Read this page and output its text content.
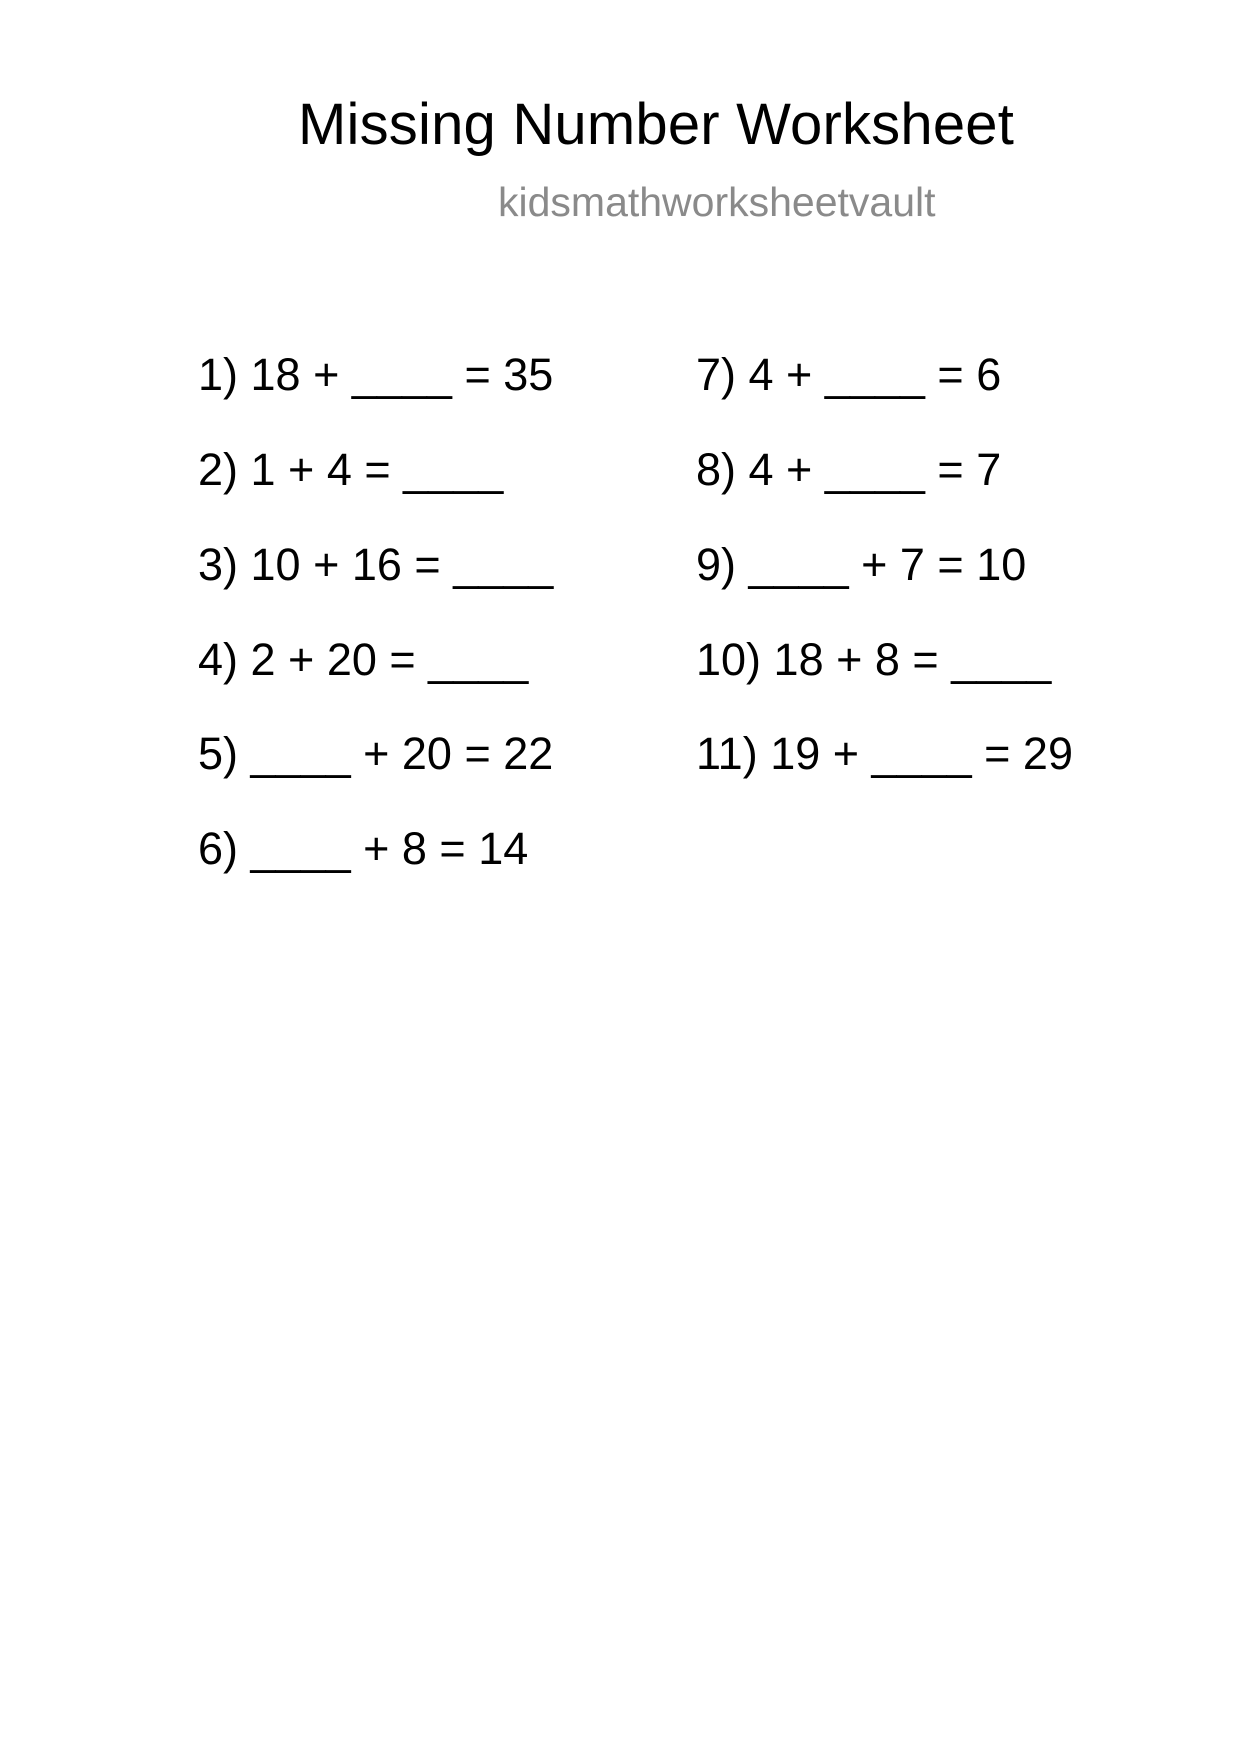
Missing Number Worksheet
kidsmathworksheetvault
1) 18 + ____ = 35
2) 1 + 4 = ____
3) 10 + 16 = ____
4) 2 + 20 = ____
5) ____ + 20 = 22
6) ____ + 8 = 14
7) 4 + ____ = 6
8) 4 + ____ = 7
9) ____ + 7 = 10
10) 18 + 8 = ____
11) 19 + ____ = 29
